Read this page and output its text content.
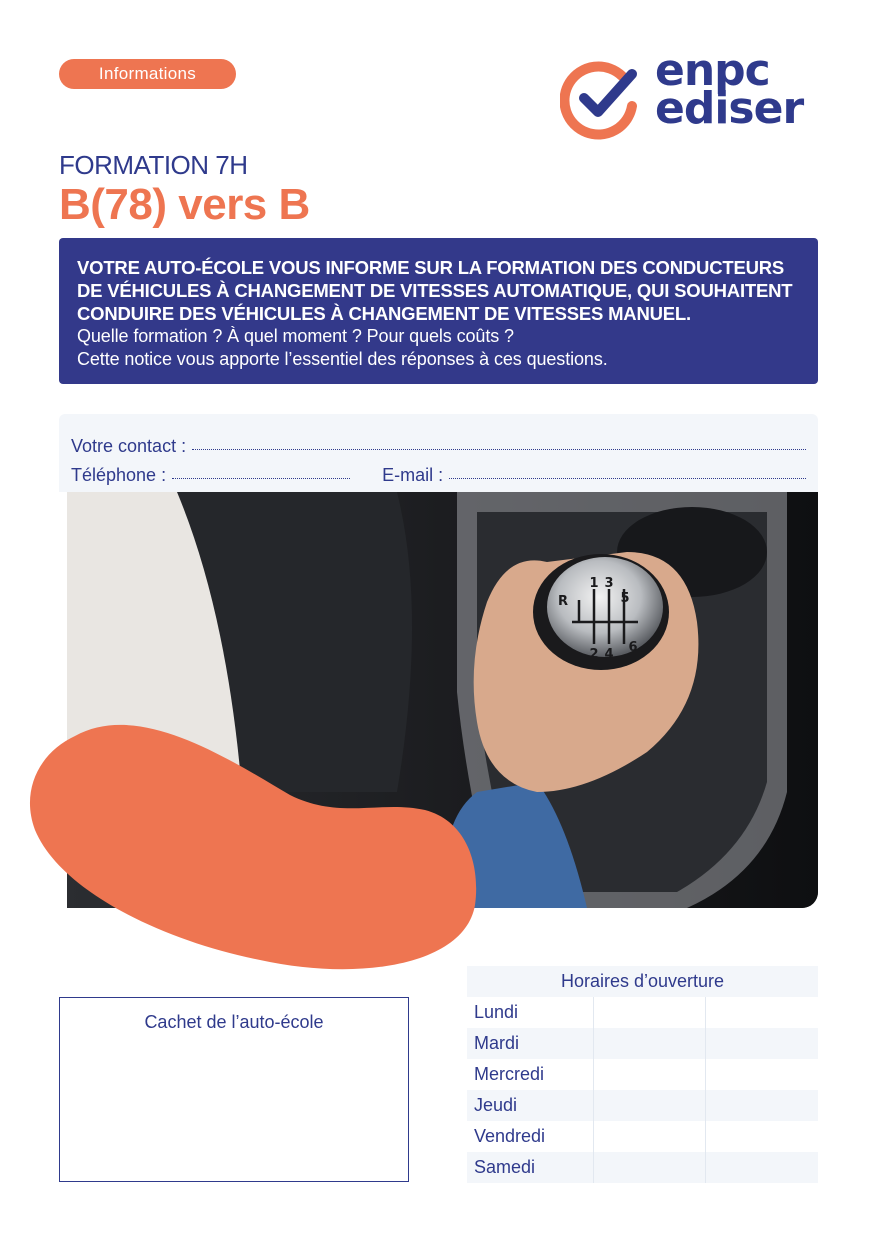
Informations	enpc
ediser
FORMATION 7H
B(78) vers B
VOTRE AUTO-ÉCOLE VOUS INFORME SUR LA FORMATION DES CONDUCTEURS DE VÉHICULES À CHANGEMENT DE VITESSES AUTOMATIQUE, QUI SOUHAITENT CONDUIRE DES VÉHICULES À CHANGEMENT DE VITESSES MANUEL.
Quelle formation ? À quel moment ? Pour quels coûts ?
Cette notice vous apporte l’essentiel des réponses à ces questions.
Votre contact :
Téléphone :	E-mail :
R
1 3
5
2 4 6
Cachet de l’auto-école
Horaires d’ouverture
Lundi
Mardi
Mercredi
Jeudi
Vendredi
Samedi
